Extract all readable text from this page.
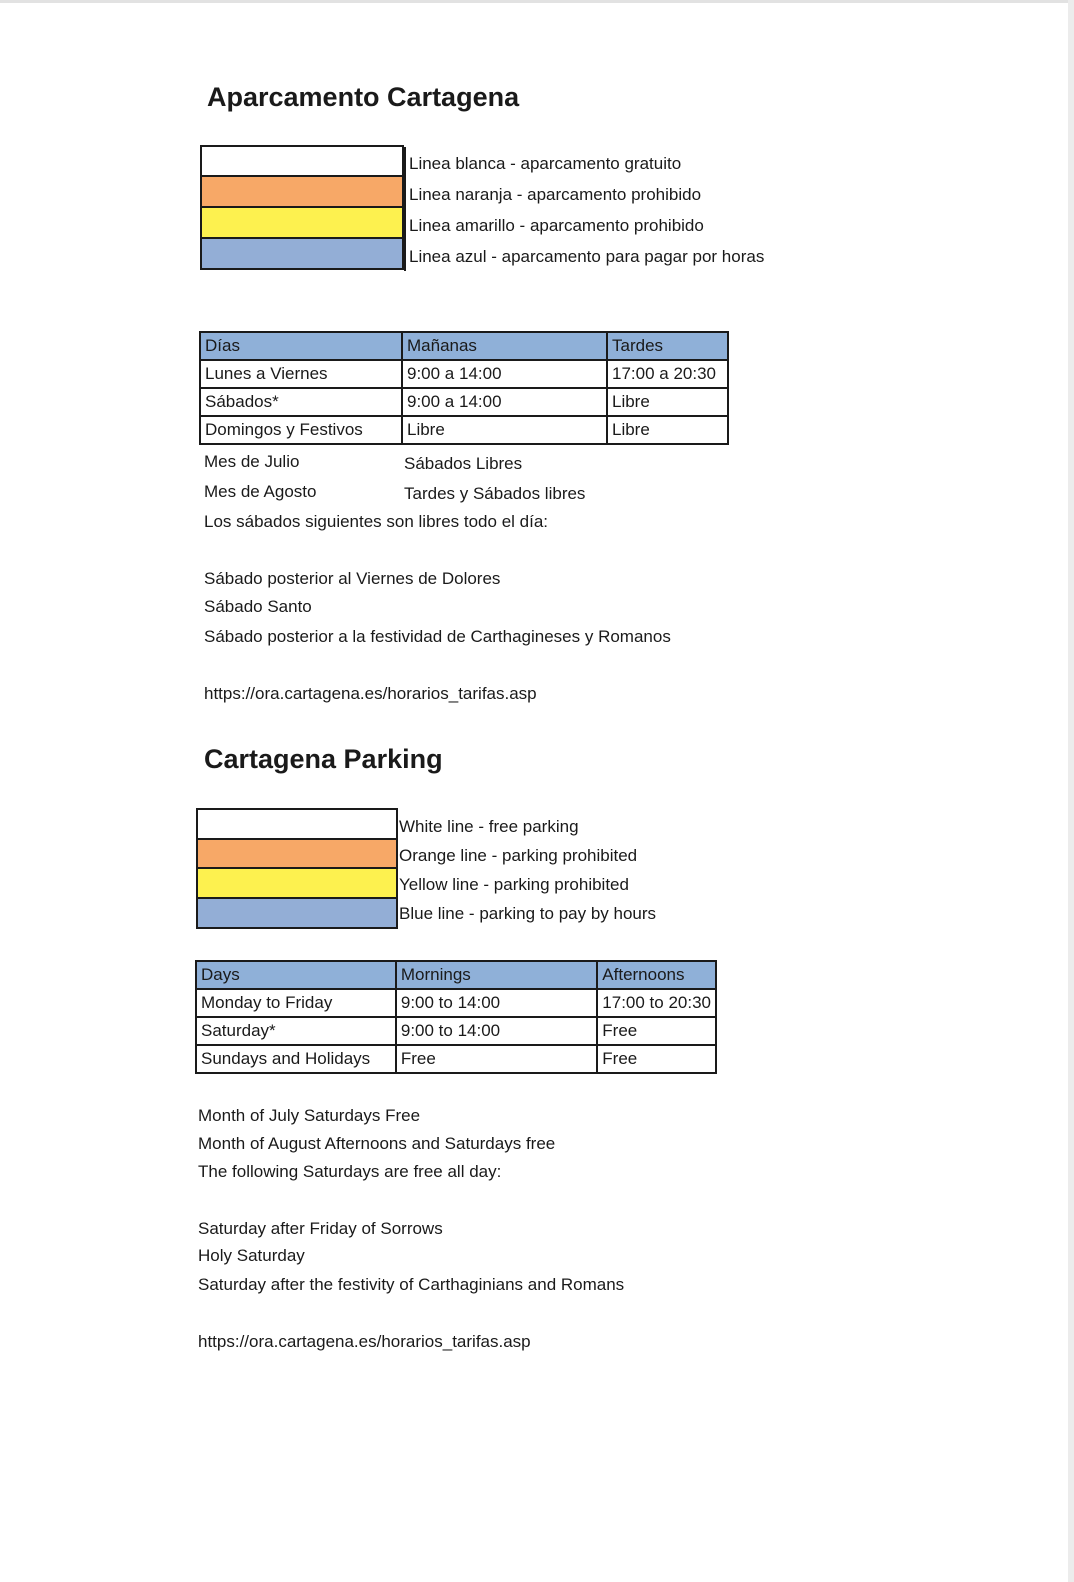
Aparcamento Cartagena
Linea blanca - aparcamento gratuito
Linea naranja - aparcamento prohibido
Linea amarillo - aparcamento prohibido
Linea azul - aparcamento para pagar por horas
Días	Mañanas	Tardes
Lunes a Viernes	9:00 a 14:00	17:00 a 20:30
Sábados*	9:00 a 14:00	Libre
Domingos y Festivos	Libre	Libre
Mes de Julio	Sábados Libres
Mes de Agosto	Tardes y Sábados libres
Los sábados siguientes son libres todo el día:
Sábado posterior al Viernes de Dolores
Sábado Santo
Sábado posterior a la festividad de Carthagineses y Romanos
https://ora.cartagena.es/horarios_tarifas.asp
Cartagena Parking
White line - free parking
Orange line - parking prohibited
Yellow line - parking prohibited
Blue line - parking to pay by hours
Days	Mornings	Afternoons
Monday to Friday	9:00 to 14:00	17:00 to 20:30
Saturday*	9:00 to 14:00	Free
Sundays and Holidays	Free	Free
Month of July Saturdays Free
Month of August Afternoons and Saturdays free
The following Saturdays are free all day:
Saturday after Friday of Sorrows
Holy Saturday
Saturday after the festivity of Carthaginians and Romans
https://ora.cartagena.es/horarios_tarifas.asp
